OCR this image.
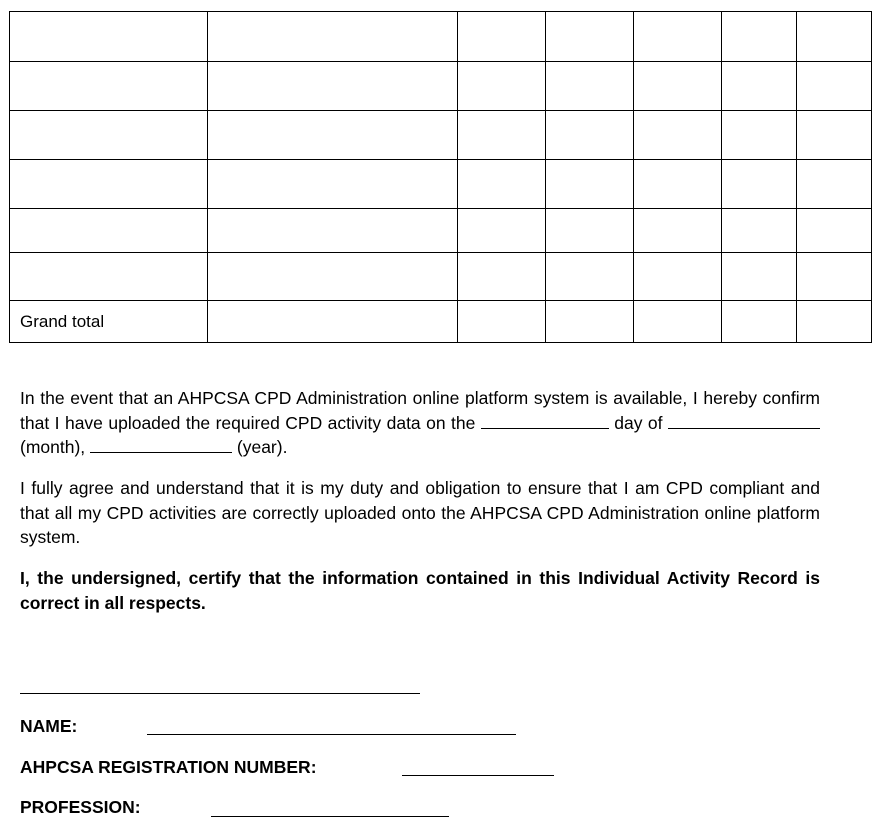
Grand total						

In the event that an AHPCSA CPD Administration online platform system is available, I hereby confirm that I have uploaded the required CPD activity data on the	day of  (month),	(year).

I fully agree and understand that it is my duty and obligation to ensure that I am CPD compliant and that all my CPD activities are correctly uploaded onto the AHPCSA CPD Administration online platform system.

I, the undersigned, certify that the information contained in this Individual Activity Record is correct in all respects.

NAME:

AHPCSA REGISTRATION NUMBER:

PROFESSION:
